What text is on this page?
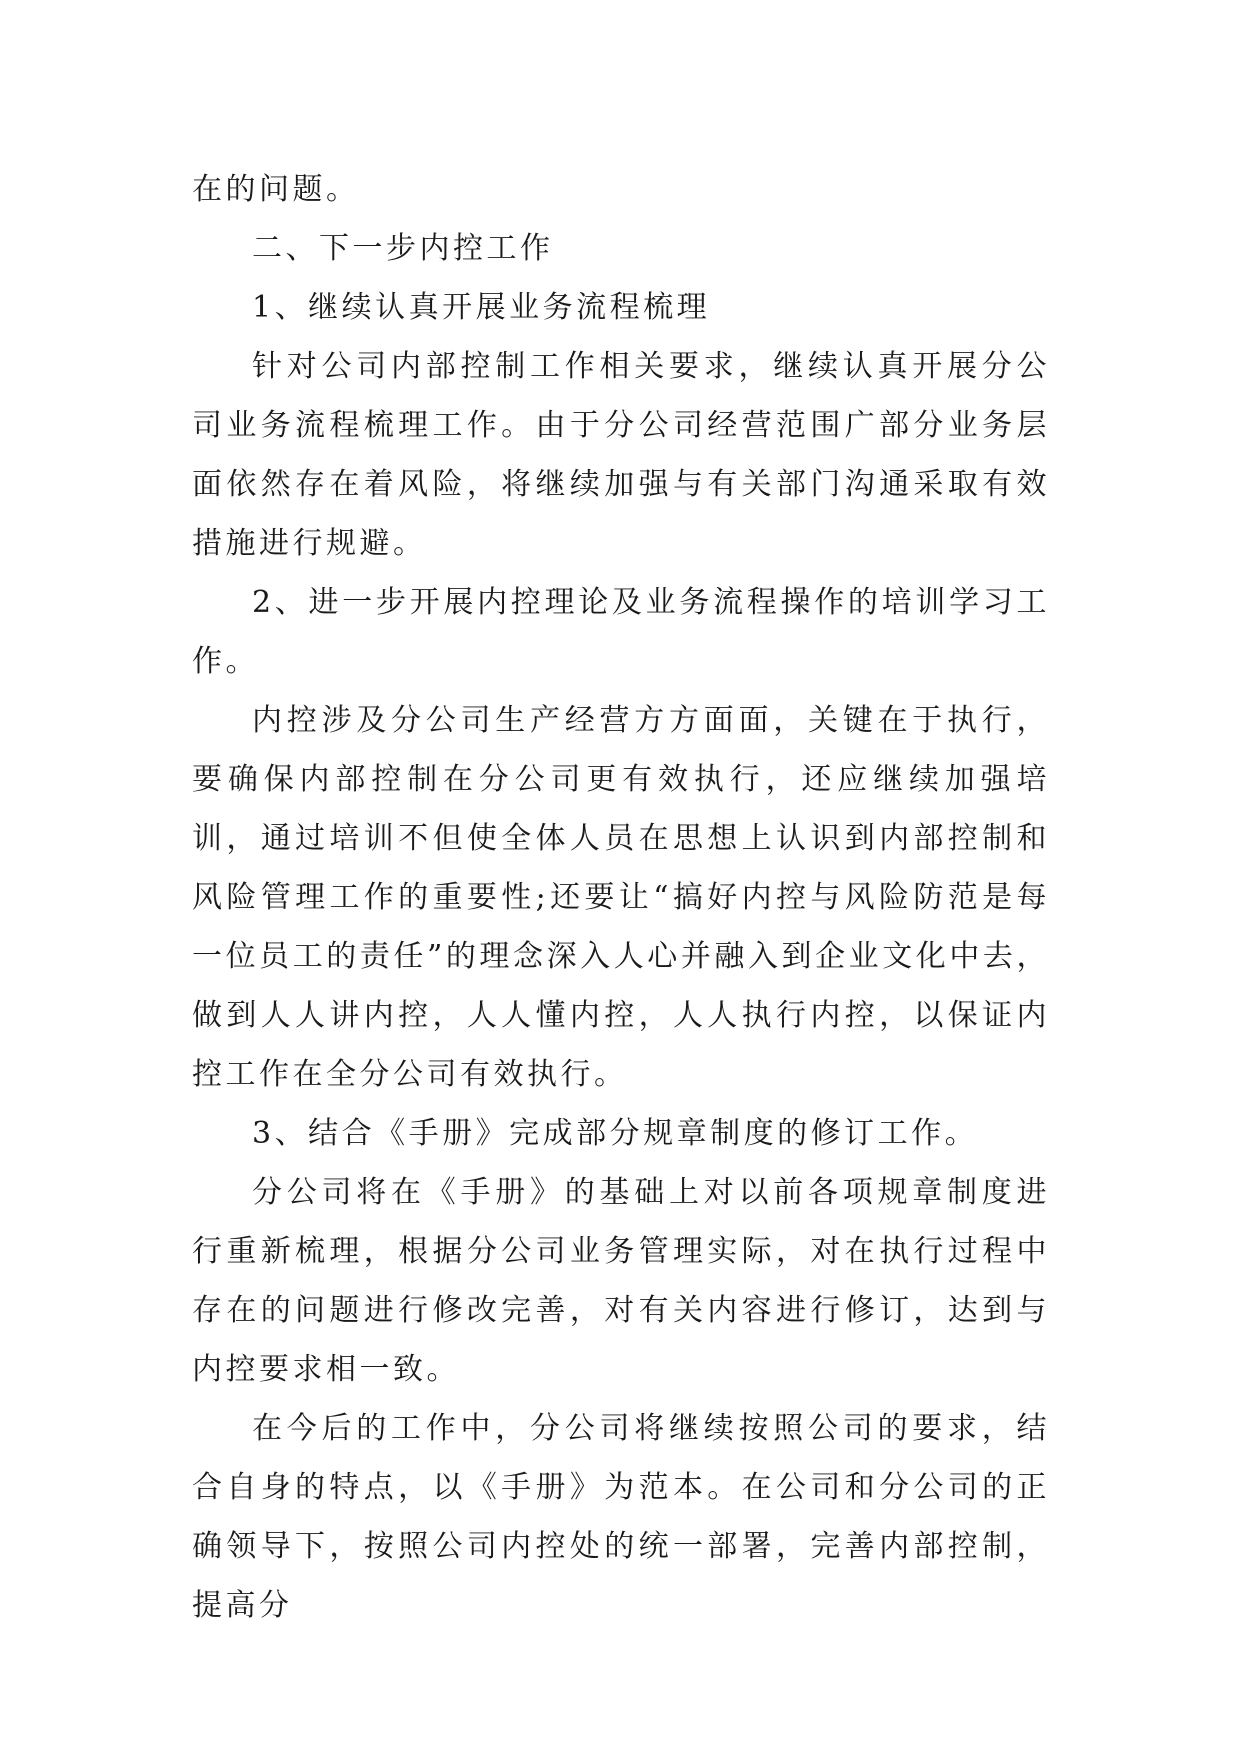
在的问题。

二、下一步内控工作

1、继续认真开展业务流程梳理

针对公司内部控制工作相关要求，继续认真开展分公司业务流程梳理工作。由于分公司经营范围广部分业务层面依然存在着风险，将继续加强与有关部门沟通采取有效措施进行规避。

2、进一步开展内控理论及业务流程操作的培训学习工作。

内控涉及分公司生产经营方方面面，关键在于执行，要确保内部控制在分公司更有效执行，还应继续加强培训，通过培训不但使全体人员在思想上认识到内部控制和风险管理工作的重要性;还要让“搞好内控与风险防范是每一位员工的责任”的理念深入人心并融入到企业文化中去，做到人人讲内控，人人懂内控，人人执行内控，以保证内控工作在全分公司有效执行。

3、结合《手册》完成部分规章制度的修订工作。

分公司将在《手册》的基础上对以前各项规章制度进行重新梳理，根据分公司业务管理实际，对在执行过程中存在的问题进行修改完善，对有关内容进行修订，达到与内控要求相一致。

在今后的工作中，分公司将继续按照公司的要求，结合自身的特点，以《手册》为范本。在公司和分公司的正确领导下，按照公司内控处的统一部署，完善内部控制，提高分
